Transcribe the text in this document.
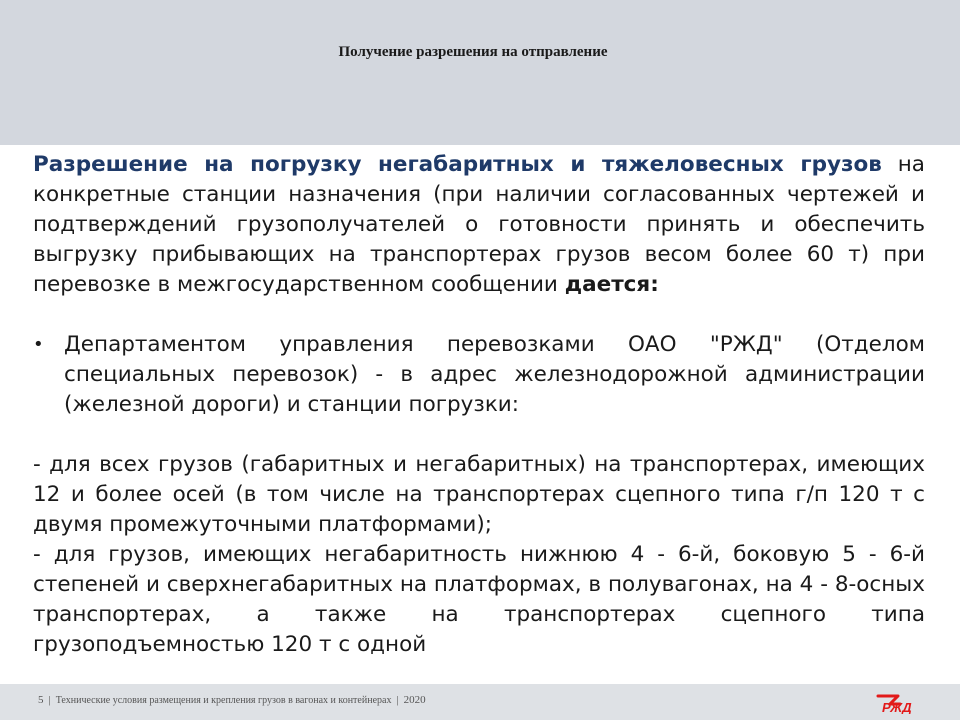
Получение разрешения на отправление

Разрешение на погрузку негабаритных и тяжеловесных грузов на конкретные станции назначения (при наличии согласованных чертежей и подтверждений грузополучателей о готовности принять и обеспечить выгрузку прибывающих на транспортерах грузов весом более 60 т) при перевозке в межгосударственном сообщении дается:

• Департаментом управления перевозками ОАО "РЖД" (Отделом специальных перевозок) - в адрес железнодорожной администрации (железной дороги) и станции погрузки:

- для всех грузов (габаритных и негабаритных) на транспортерах, имеющих 12 и более осей (в том числе на транспортерах сцепного типа г/п 120 т с двумя промежуточными платформами);

- для грузов, имеющих негабаритность нижнюю 4 - 6-й, боковую 5 - 6-й степеней и сверхнегабаритных на платформах, в полувагонах, на 4 - 8-осных транспортерах, а также на транспортерах сцепного типа грузоподъемностью 120 т с одной

5 | Технические условия размещения и крепления грузов в вагонах и контейнерах | 2020	РЖД
